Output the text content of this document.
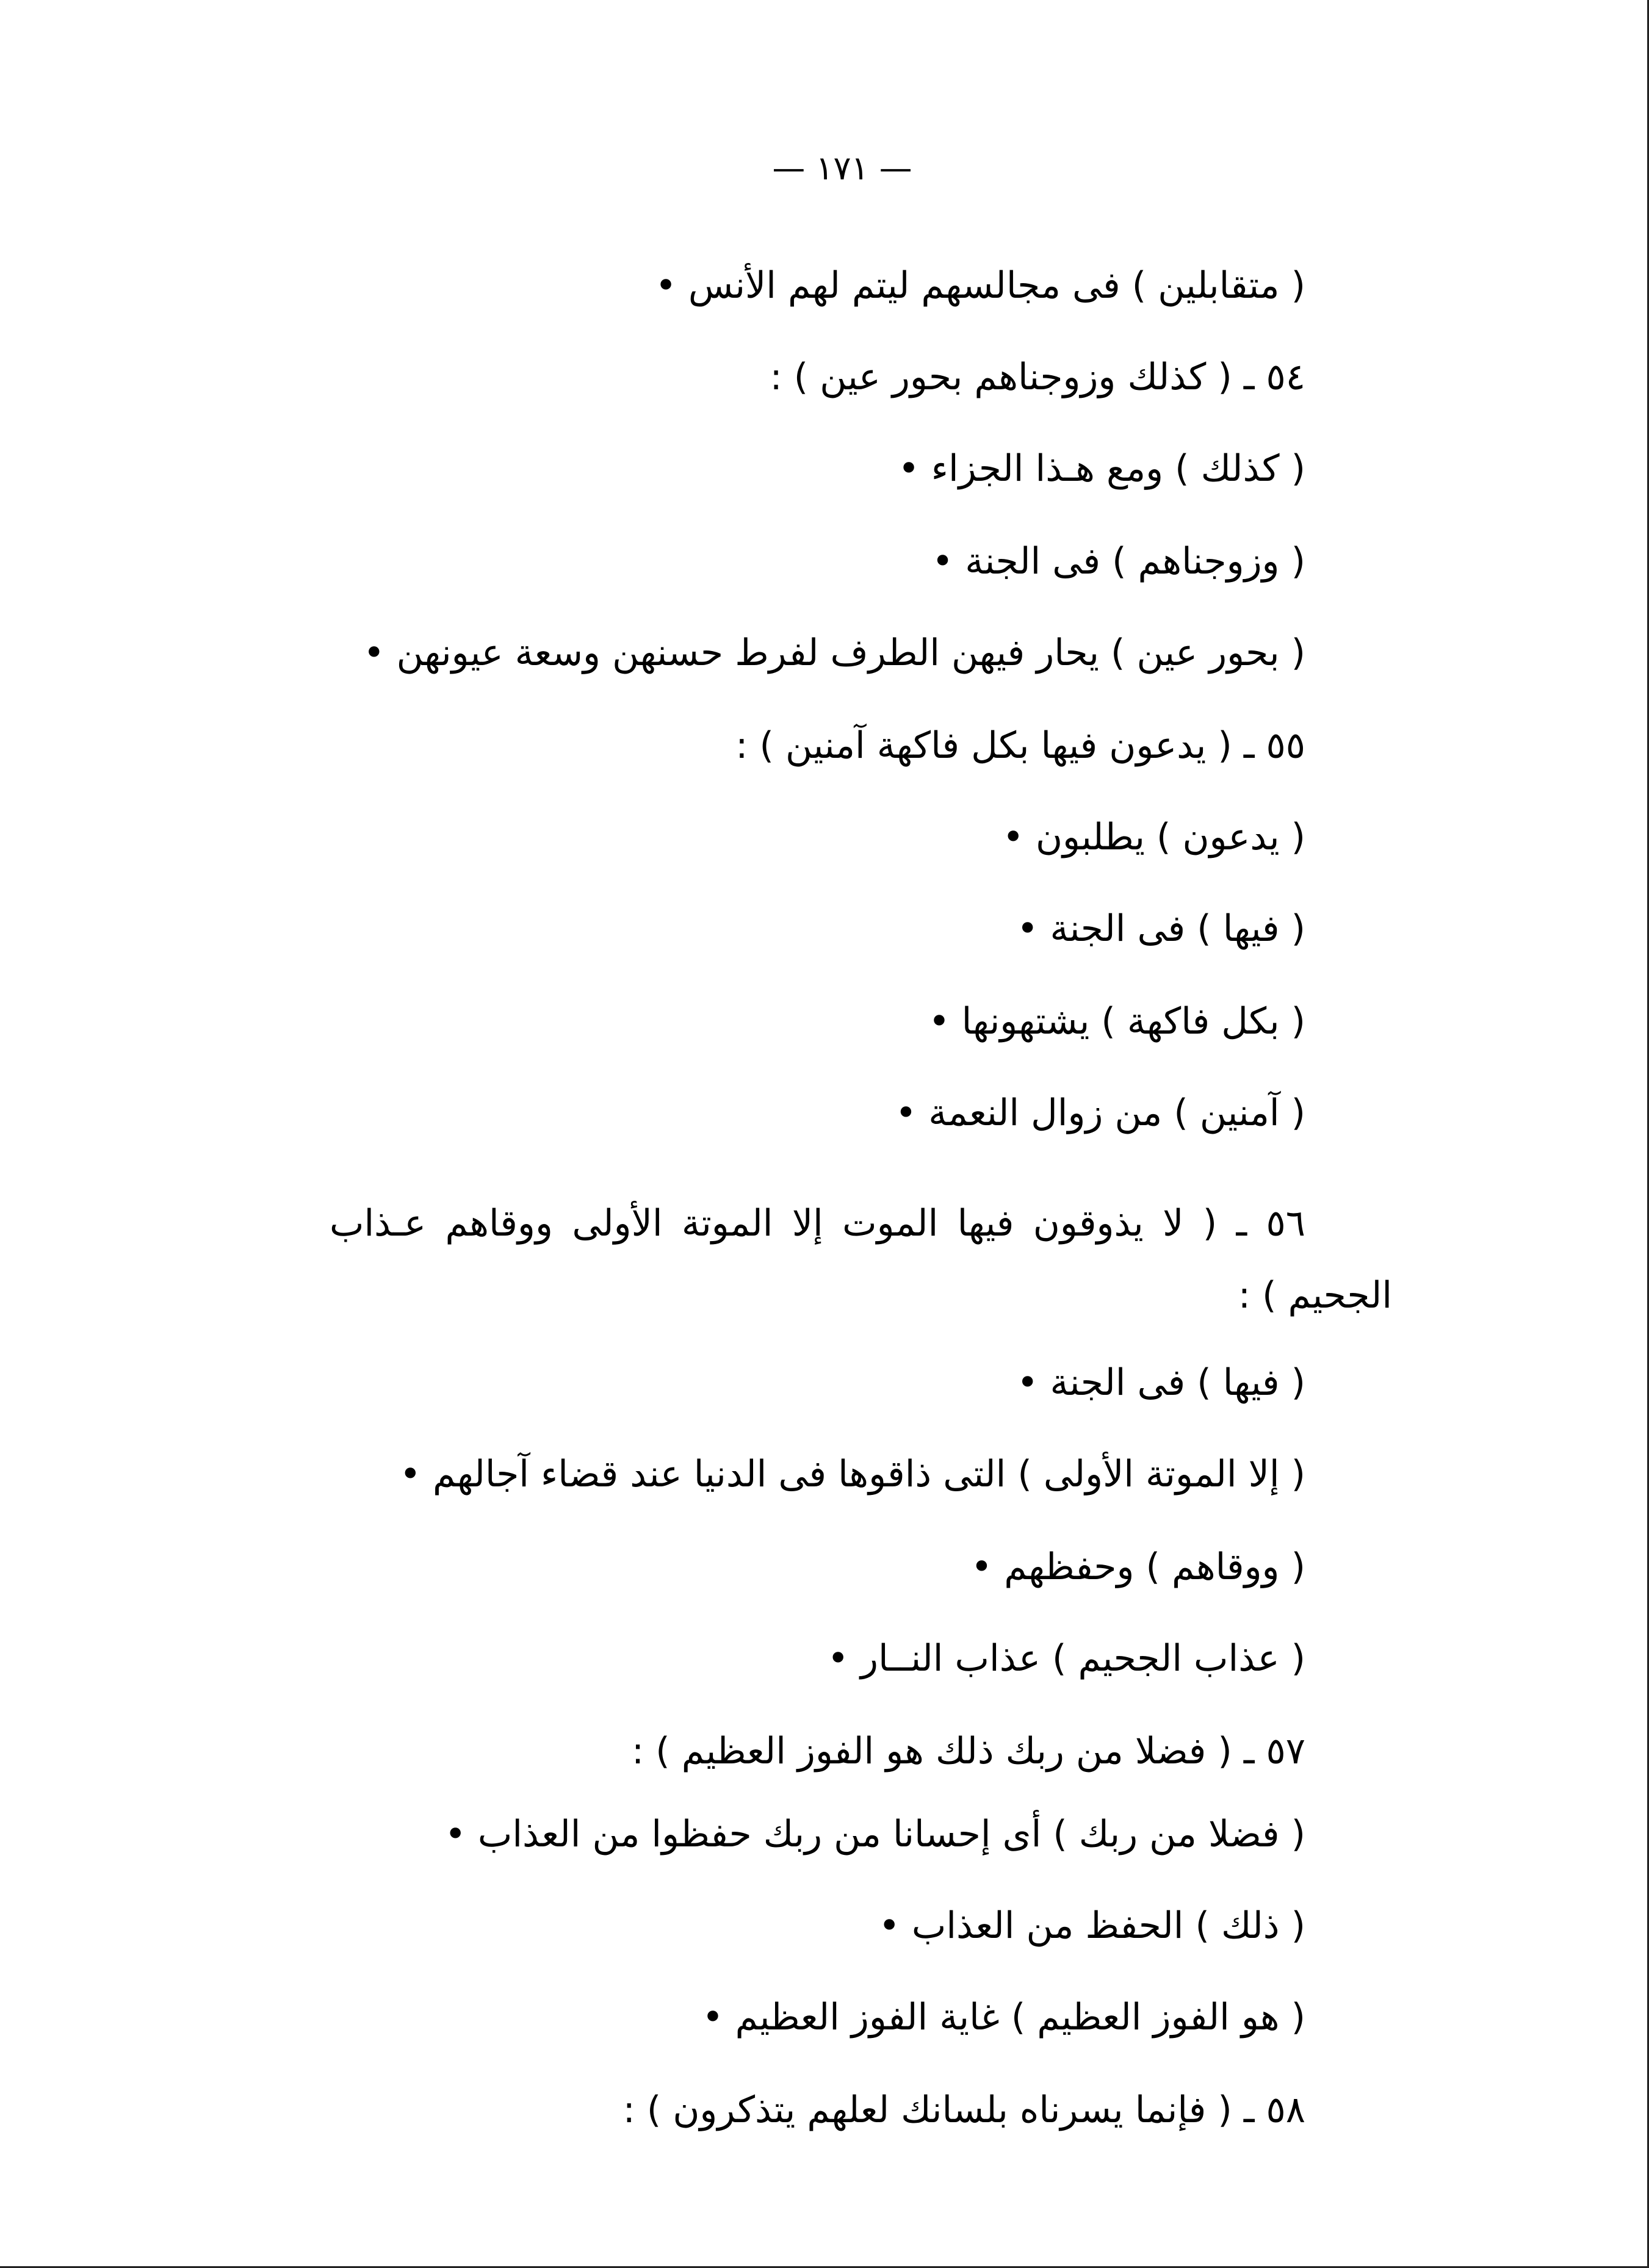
— ١٧١ —
( متقابلين ) فى مجالسهم ليتم لهم الأنس •
٥٤ ـ ( كذلك وزوجناهم بحور عين ) :
( كذلك ) ومع هـذا الجزاء •
( وزوجناهم ) فى الجنة •
( بحور عين ) يحار فيهن الطرف لفرط حسنهن وسعة عيونهن •
٥٥ ـ ( يدعون فيها بكل فاكهة آمنين ) :
( يدعون ) يطلبون •
( فيها ) فى الجنة •
( بكل فاكهة ) يشتهونها •
( آمنين ) من زوال النعمة •
٥٦ ـ ( لا يذوقون فيها الموت إلا الموتة الأولى ووقاهم عـذاب الجحيم ) :
( فيها ) فى الجنة •
( إلا الموتة الأولى ) التى ذاقوها فى الدنيا عند قضاء آجالهم •
( ووقاهم ) وحفظهم •
( عذاب الجحيم ) عذاب النــار •
٥٧ ـ ( فضلا من ربك ذلك هو الفوز العظيم ) :
( فضلا من ربك ) أى إحسانا من ربك حفظوا من العذاب •
( ذلك ) الحفظ من العذاب •
( هو الفوز العظيم ) غاية الفوز العظيم •
٥٨ ـ ( فإنما يسرناه بلسانك لعلهم يتذكرون ) :
